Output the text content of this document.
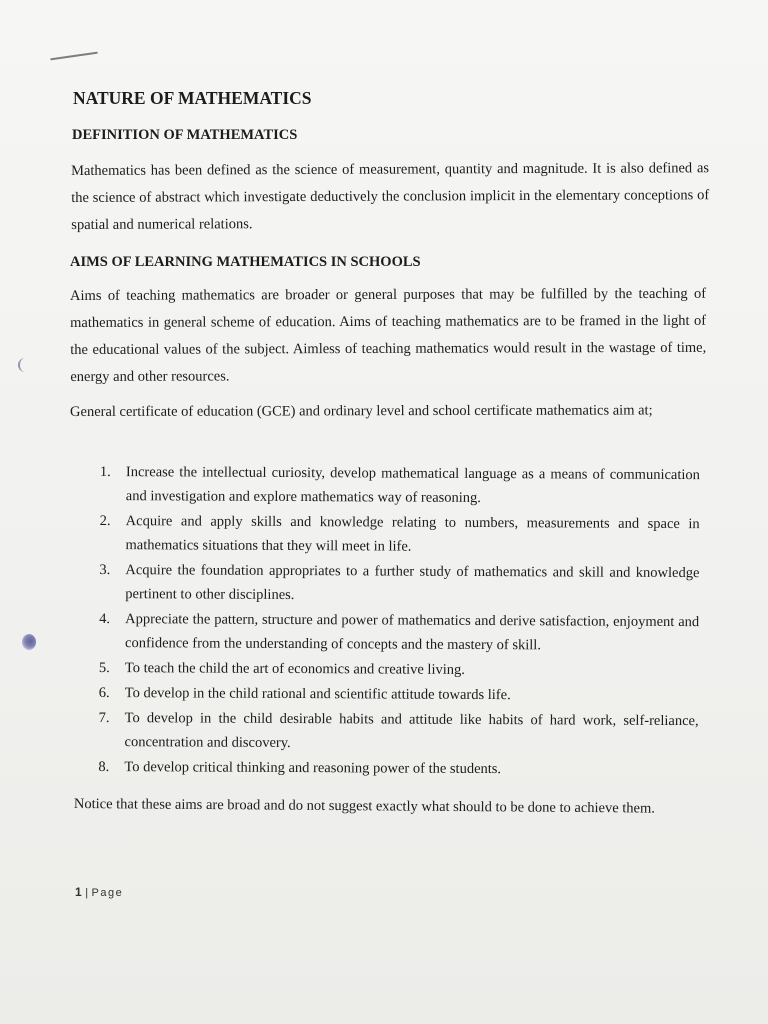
NATURE OF MATHEMATICS
DEFINITION OF MATHEMATICS

Mathematics has been defined as the science of measurement, quantity and magnitude. It is also defined as the science of abstract which investigate deductively the conclusion implicit in the elementary conceptions of spatial and numerical relations.

AIMS OF LEARNING MATHEMATICS IN SCHOOLS

Aims of teaching mathematics are broader or general purposes that may be fulfilled by the teaching of mathematics in general scheme of education. Aims of teaching mathematics are to be framed in the light of the educational values of the subject. Aimless of teaching mathematics would result in the wastage of time, energy and other resources.

General certificate of education (GCE) and ordinary level and school certificate mathematics aim at;

1. Increase the intellectual curiosity, develop mathematical language as a means of communication and investigation and explore mathematics way of reasoning.
2. Acquire and apply skills and knowledge relating to numbers, measurements and space in mathematics situations that they will meet in life.
3. Acquire the foundation appropriates to a further study of mathematics and skill and knowledge pertinent to other disciplines.
4. Appreciate the pattern, structure and power of mathematics and derive satisfaction, enjoyment and confidence from the understanding of concepts and the mastery of skill.
5. To teach the child the art of economics and creative living.
6. To develop in the child rational and scientific attitude towards life.
7. To develop in the child desirable habits and attitude like habits of hard work, self-reliance, concentration and discovery.
8. To develop critical thinking and reasoning power of the students.

Notice that these aims are broad and do not suggest exactly what should to be done to achieve them.

1 | Page
